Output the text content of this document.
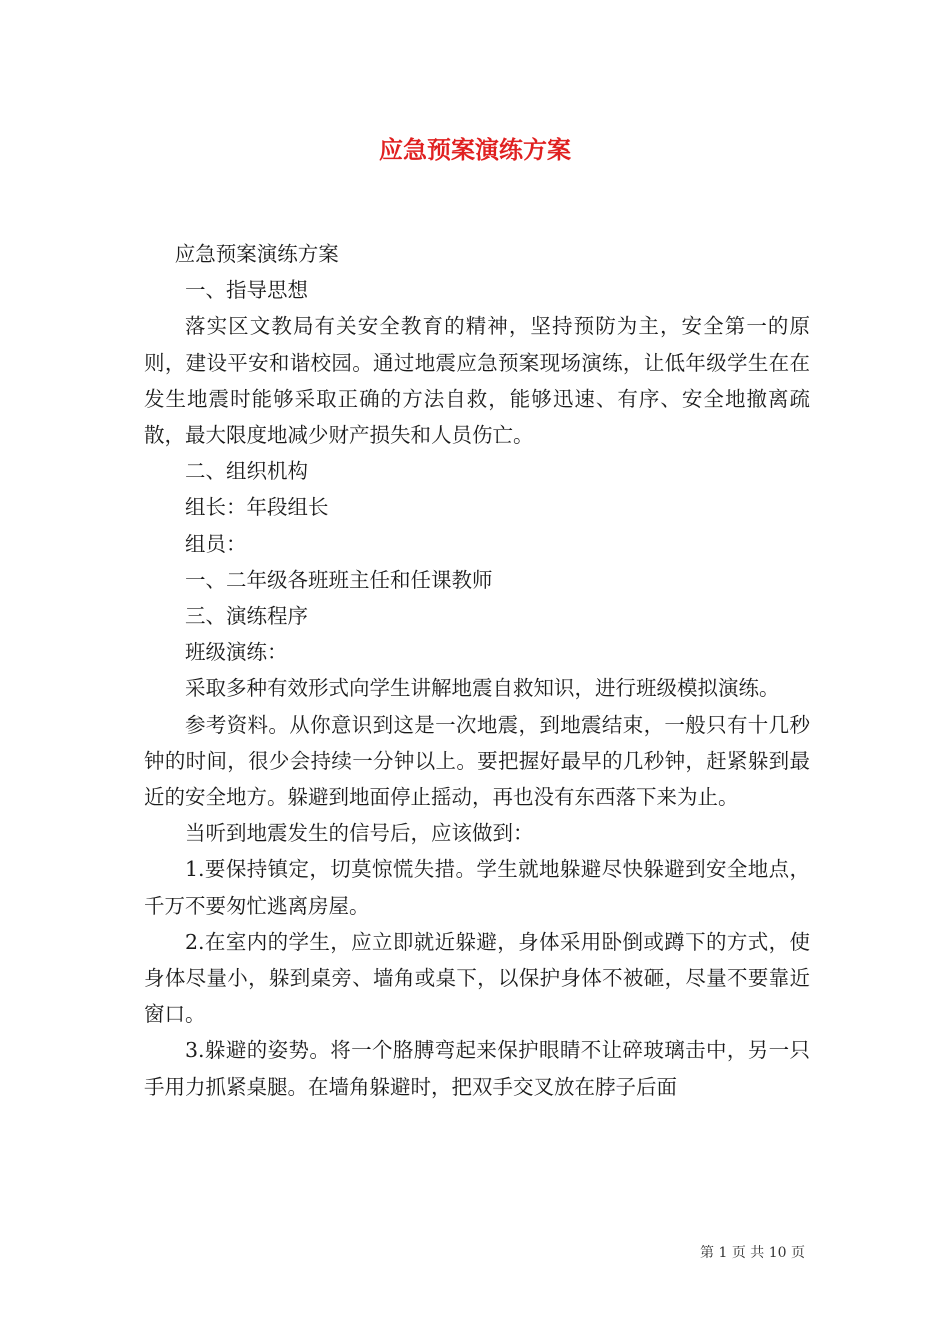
应急预案演练方案

应急预案演练方案

一、指导思想

落实区文教局有关安全教育的精神，坚持预防为主，安全第一的原则，建设平安和谐校园。通过地震应急预案现场演练，让低年级学生在在发生地震时能够采取正确的方法自救，能够迅速、有序、安全地撤离疏散，最大限度地减少财产损失和人员伤亡。

二、组织机构

组长：年段组长

组员：

一、二年级各班班主任和任课教师

三、演练程序

班级演练：

采取多种有效形式向学生讲解地震自救知识，进行班级模拟演练。

参考资料。从你意识到这是一次地震，到地震结束，一般只有十几秒钟的时间，很少会持续一分钟以上。要把握好最早的几秒钟，赶紧躲到最近的安全地方。躲避到地面停止摇动，再也没有东西落下来为止。

当听到地震发生的信号后，应该做到：

1.要保持镇定，切莫惊慌失措。学生就地躲避尽快躲避到安全地点，千万不要匆忙逃离房屋。

2.在室内的学生，应立即就近躲避，身体采用卧倒或蹲下的方式，使身体尽量小，躲到桌旁、墙角或桌下，以保护身体不被砸，尽量不要靠近窗口。

3.躲避的姿势。将一个胳膊弯起来保护眼睛不让碎玻璃击中，另一只手用力抓紧桌腿。在墙角躲避时，把双手交叉放在脖子后面

第 1 页 共 10 页
